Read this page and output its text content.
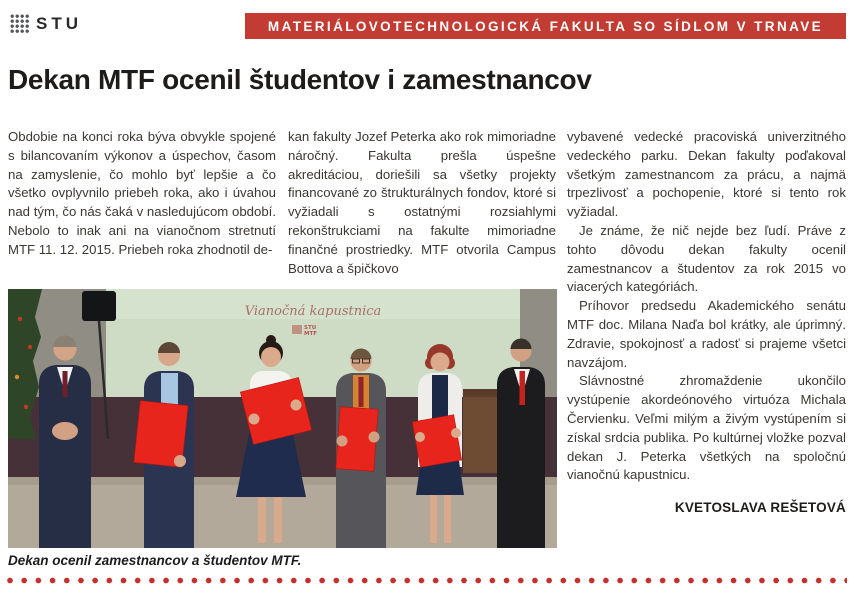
STU	MATERIÁLOVOTECHNOLOGICKÁ FAKULTA SO SÍDLOM V TRNAVE
Dekan MTF ocenil študentov i zamestnancov

Obdobie na konci roka býva obvykle spojené s bilancovaním výkonov a úspechov, časom na zamyslenie, čo mohlo byť lepšie a čo všetko ovplyvnilo priebeh roka, ako i úvahou nad tým, čo nás čaká v nasledujúcom období. Nebolo to inak ani na vianočnom stretnutí MTF 11. 12. 2015. Priebeh roka zhodnotil de-

kan fakulty Jozef Peterka ako rok mimoriadne náročný. Fakulta prešla úspešne akreditáciou, doriešili sa všetky projekty financované zo štrukturálnych fondov, ktoré si vyžiadali s ostatnými rozsiahlymi rekonštrukciami na fakulte mimoriadne finančné prostriedky. MTF otvorila Campus Bottova a špičkovo

vybavené vedecké pracoviská univerzitného vedeckého parku. Dekan fakulty poďakoval všetkým zamestnancom za prácu, a najmä trpezlivosť a pochopenie, ktoré si tento rok vyžiadal.

Je známe, že nič nejde bez ľudí. Práve z tohto dôvodu dekan fakulty ocenil zamestnancov a študentov za rok 2015 vo viacerých kategóriách.

Príhovor predsedu Akademického senátu MTF doc. Milana Naďa bol krátky, ale úprimný. Zdravie, spokojnosť a radosť si prajeme všetci navzájom.

Slávnostné zhromaždenie ukončilo vystúpenie akordeónového virtuóza Michala Červienku. Veľmi milým a živým vystúpením si získal srdcia publika. Po kultúrnej vložke pozval dekan J. Peterka všetkých na spoločnú vianočnú kapustnicu.

KVETOSLAVA REŠETOVÁ

Vianočná kapustnica
STU
MTF
Dekan ocenil zamestnancov a študentov MTF.
